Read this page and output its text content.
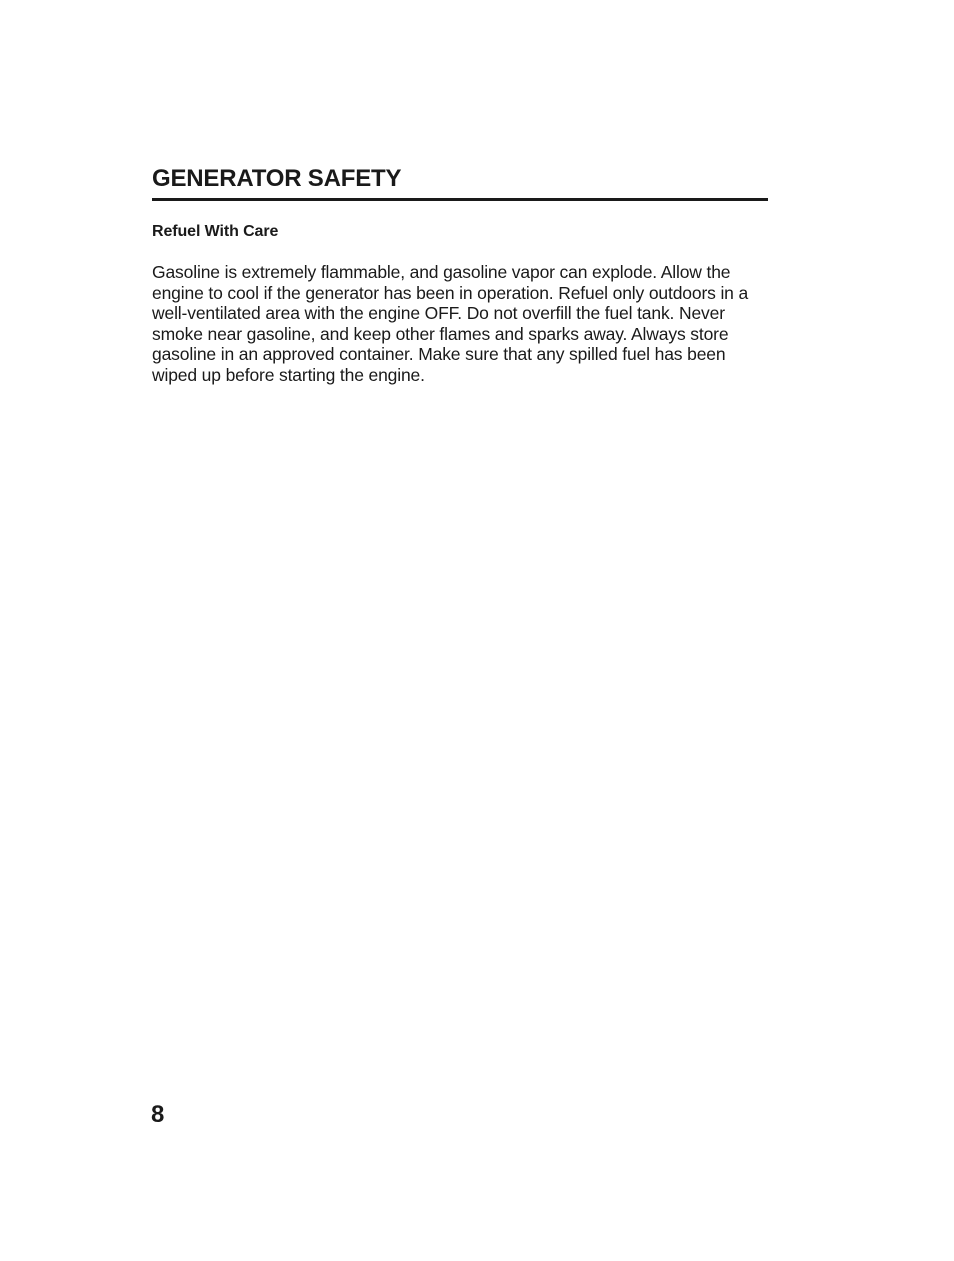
GENERATOR SAFETY
Refuel With Care

Gasoline is extremely flammable, and gasoline vapor can explode. Allow the engine to cool if the generator has been in operation. Refuel only outdoors in a well-ventilated area with the engine OFF. Do not overfill the fuel tank. Never smoke near gasoline, and keep other flames and sparks away. Always store gasoline in an approved container. Make sure that any spilled fuel has been wiped up before starting the engine.

8
